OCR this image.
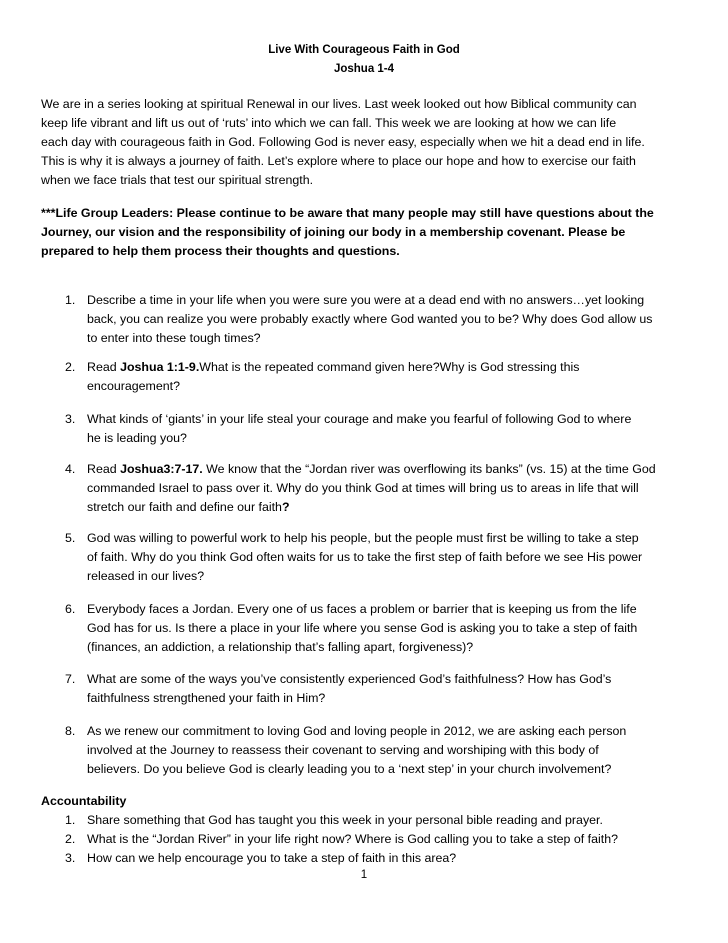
Live With Courageous Faith in God
Joshua 1-4

We are in a series looking at spiritual Renewal in our lives. Last week looked out how Biblical community can

keep life vibrant and lift us out of ‘ruts’ into which we can fall. This week we are looking at how we can life

each day with courageous faith in God. Following God is never easy, especially when we hit a dead end in life.

This is why it is always a journey of faith. Let’s explore where to place our hope and how to exercise our faith

when we face trials that test our spiritual strength.

***Life Group Leaders: Please continue to be aware that many people may still have questions about the

Journey, our vision and the responsibility of joining our body in a membership covenant. Please be

prepared to help them process their thoughts and questions.

1. Describe a time in your life when you were sure you were at a dead end with no answers…yet looking

back, you can realize you were probably exactly where God wanted you to be? Why does God allow us

to enter into these tough times?

2. Read Joshua 1:1-9.What is the repeated command given here?Why is God stressing this

encouragement?

3. What kinds of ‘giants’ in your life steal your courage and make you fearful of following God to where

he is leading you?

4. Read Joshua3:7-17. We know that the “Jordan river was overflowing its banks” (vs. 15) at the time God

commanded Israel to pass over it. Why do you think God at times will bring us to areas in life that will

stretch our faith and define our faith?

5. God was willing to powerful work to help his people, but the people must first be willing to take a step

of faith. Why do you think God often waits for us to take the first step of faith before we see His power

released in our lives?

6. Everybody faces a Jordan. Every one of us faces a problem or barrier that is keeping us from the life

God has for us. Is there a place in your life where you sense God is asking you to take a step of faith

(finances, an addiction, a relationship that’s falling apart, forgiveness)?

7. What are some of the ways you’ve consistently experienced God’s faithfulness? How has God’s

faithfulness strengthened your faith in Him?

8. As we renew our commitment to loving God and loving people in 2012, we are asking each person

involved at the Journey to reassess their covenant to serving and worshiping with this body of

believers. Do you believe God is clearly leading you to a ‘next step’ in your church involvement?

Accountability

1. Share something that God has taught you this week in your personal bible reading and prayer.

2. What is the “Jordan River” in your life right now? Where is God calling you to take a step of faith?

3. How can we help encourage you to take a step of faith in this area?

1
